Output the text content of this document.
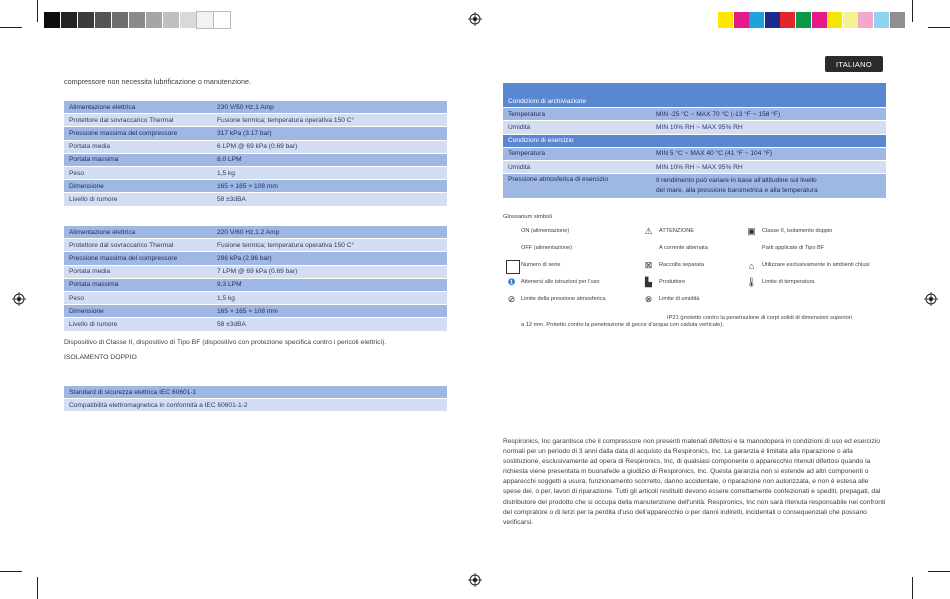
ITALIANO
compressore non necessita lubrificazione o manutenzione.
Alimentazione elettrica	230 V/50 Hz,1 Amp
Protettore dal sovraccarico Thermal	Fusione termica; temperatura operativa 150 C°
Pressione massima del compressore	317 kPa (3.17 bar)
Portata media	6 LPM @ 69 kPa (0.69 bar)
Portata massima	8,0 LPM
Peso	1,5 kg
Dimensione	165 × 165 × 108 mm
Livello di rumore	58 ±3dBA
Alimentazione elettrica	220 V/60 Hz,1.2 Amp
Protettore dal sovraccarico Thermal	Fusione termica; temperatura operativa 150 C°
Pressione massima del compressore	296 kPa (2.96 bar)
Portata media	7 LPM @ 69 kPa (0.69 bar)
Portata massima	9,3 LPM
Peso	1,5 kg
Dimensione	165 × 165 × 108 mm
Livello di rumore	58 ±3dBA
Dispositivo di Classe II, dispositivo di Tipo BF (dispositivo con protezione specifica contro i pericoli elettrici).
ISOLAMENTO DOPPIO
Standard di sicurezza elettrica IEC 60601-1
Compatibilità elettromagnetica in conformità a IEC 60601-1-2
Condizioni di archiviazione	
Temperatura	MIN -25 °C ~ MAX 70 °C (-13 °F ~ 158 °F)
Umidità	MIN 10% RH ~ MAX 95% RH
Condizioni di esercizio	
Temperatura	MIN 5 °C ~ MAX 40 °C (41 °F ~ 104 °F)
Umidità	MIN 10% RH ~ MAX 95% RH
Pressione atmosferica di esercizio	Il rendimento può variare in base all'altitudine sul livello
del mare, alla pressione barometrica e alla temperatura
Glossarium simboli
ON (alimentazione)	⚠ ATTENZIONE	▣ Classe II, isolamento doppio
OFF (alimentazione)	A corrente alternata	Parti applicate di Tipo BF
Numero di serie	⊠	Raccolta separata	⌂	Utilizzare esclusivamente in ambienti chiusi
❶ Attenersi alle istruzioni per l'uso	▙	Produttore	🌡 Limite di temperatura
⊘	Limite della pressione atmosferica	⊗	Limite di umidità
IP21 (protetto contro la penetrazione di corpi solidi di dimensioni superiori
a 12 mm. Protetto contro la penetrazione di gocce d'acqua con caduta verticale).
Respironics, Inc garantisce che il compressore non presenti materiali difettosi e la manodopera in condizioni di uso ed esercizio normali per un periodo di 3 anni dalla data di acquisto da Respironics, Inc. La garanzia è limitata alla riparazione o alla sostituzione, esclusivamente ad opera di Respironics, Inc, di qualsiasi componente o apparecchio ritenuti difettosi quando la richiesta viene presentata in buonafede a giudizio di Respironics, Inc. Questa garanzia non si estende ad altri componenti o apparecchi soggetti a usura, funzionamento scorretto, danno accidentale, o riparazione non autorizzata, e non è estesa alle spese dei, o per, lavori di riparazione. Tutti gli articoli restituiti devono essere correttamente confezionati e spediti, prepagati, dal distributore del prodotto che si occupa della manutenzione dell'unità. Respironics, Inc non sarà ritenuta responsabile nei confronti del compratore o di terzi per la perdita d'uso dell'apparecchio o per danni indiretti, incidentali o consequenziali che possano verificarsi.
